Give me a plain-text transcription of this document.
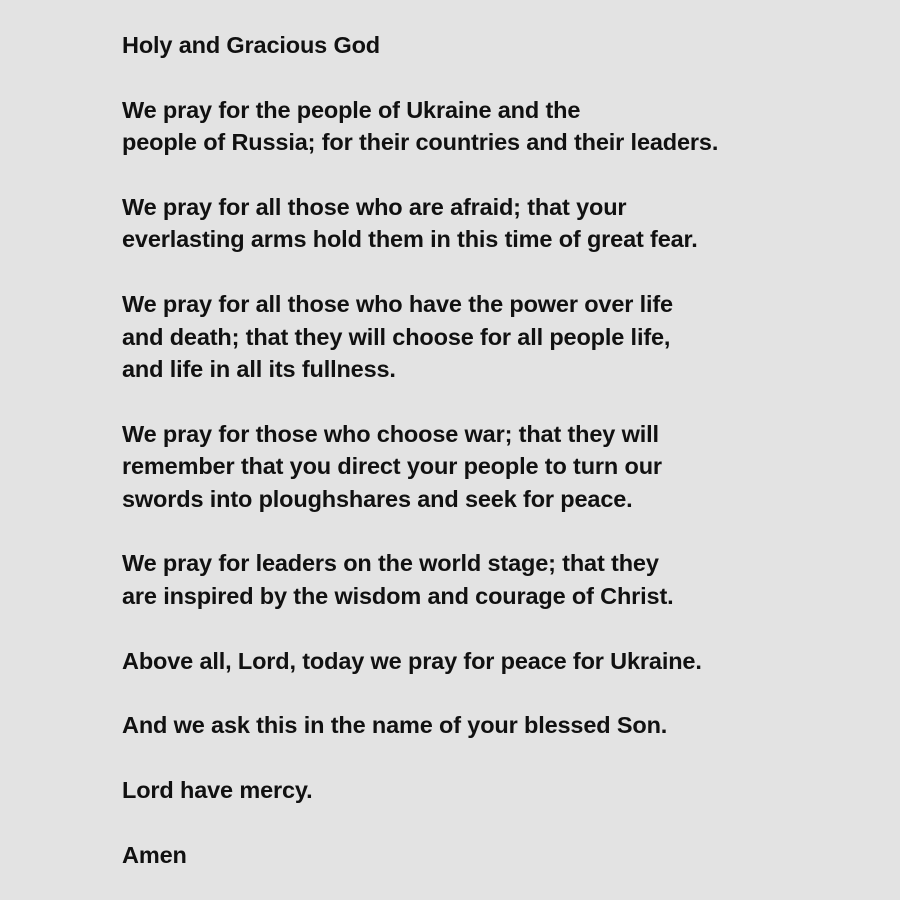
Holy and Gracious God
We pray for the people of Ukraine and the
people of Russia; for their countries and their leaders.
We pray for all those who are afraid; that your
everlasting arms hold them in this time of great fear.
We pray for all those who have the power over life
and death; that they will choose for all people life,
and life in all its fullness.
We pray for those who choose war; that they will
remember that you direct your people to turn our
swords into ploughshares and seek for peace.
We pray for leaders on the world stage; that they
are inspired by the wisdom and courage of Christ.
Above all, Lord, today we pray for peace for Ukraine.
And we ask this in the name of your blessed Son.
Lord have mercy.
Amen
